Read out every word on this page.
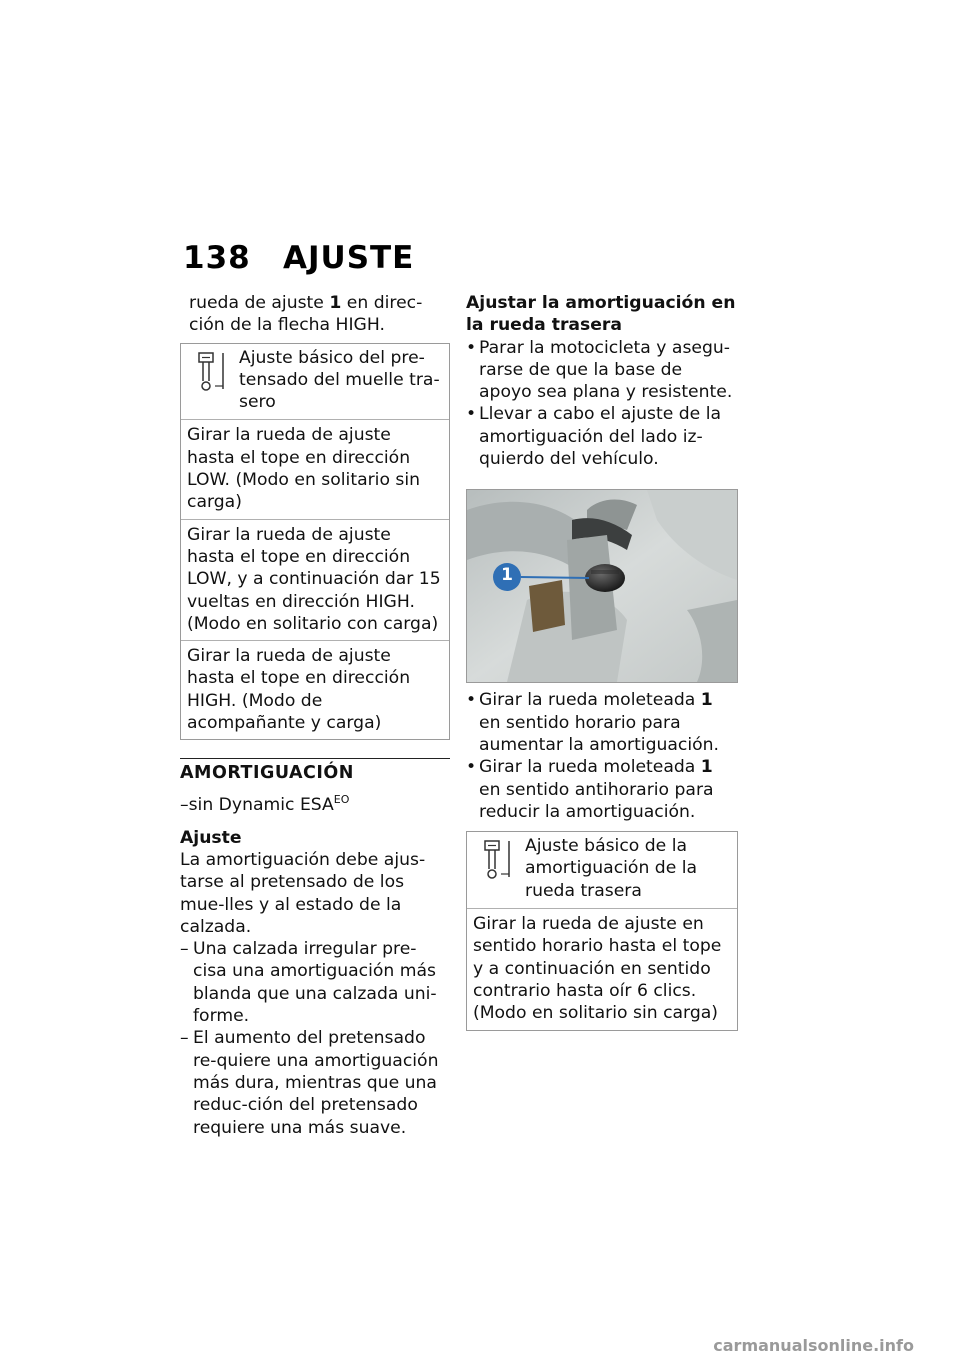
138 AJUSTE
rueda de ajuste 1 en direc-
ción de la flecha HIGH.
Ajuste básico del pre-
tensado del muelle tra-
sero
Girar la rueda de ajuste hasta el tope en dirección LOW. (Modo en solitario sin carga)
Girar la rueda de ajuste hasta el tope en dirección LOW, y a continuación dar 15 vueltas en dirección HIGH. (Modo en solitario con carga)
Girar la rueda de ajuste hasta el tope en dirección HIGH. (Modo de acompañante y carga)
AMORTIGUACIÓN
–sin Dynamic $ESA^{EO}$
Ajuste
La amortiguación debe ajus-tarse al pretensado de los mue-lles y al estado de la calzada.
– Una calzada irregular pre-cisa una amortiguación más blanda que una calzada uni-forme.
– El aumento del pretensado re-quiere una amortiguación más dura, mientras que una reduc-ción del pretensado requiere una más suave.
Ajustar la amortiguación en la rueda trasera
• Parar la motocicleta y asegu-rarse de que la base de apoyo sea plana y resistente.
• Llevar a cabo el ajuste de la amortiguación del lado iz-quierdo del vehículo.
1
• Girar la rueda moleteada 1 en sentido horario para aumentar la amortiguación.
• Girar la rueda moleteada 1 en sentido antihorario para reducir la amortiguación.
Ajuste básico de la
amortiguación de la
rueda trasera
Girar la rueda de ajuste en sentido horario hasta el tope y a continuación en sentido contrario hasta oír 6 clics. (Modo en solitario sin carga)
carmanualsonline.info
